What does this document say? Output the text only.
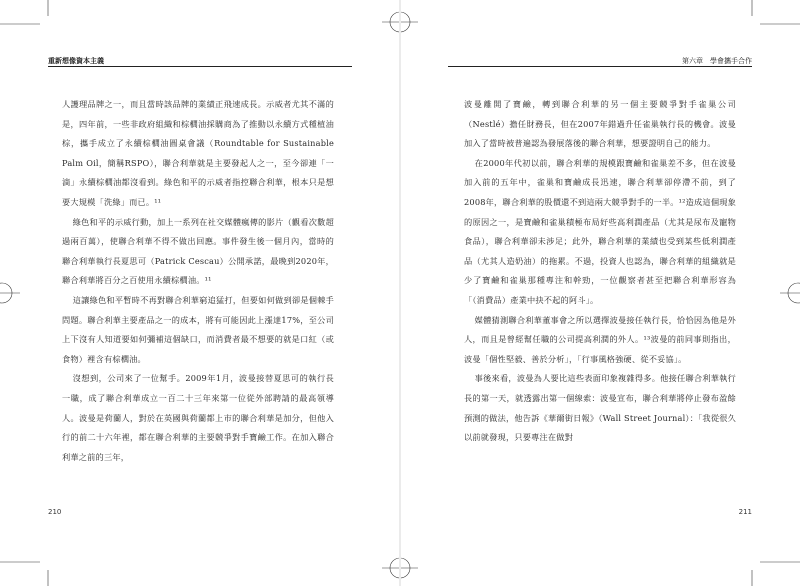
重新想像資本主義

人護理品牌之一，而且當時該品牌的業績正飛速成長。示威者尤其不滿的是，四年前，一些非政府組織和棕櫚油採購商為了推動以永續方式種植油棕，攜手成立了永續棕櫚油圓桌會議（Roundtable for Sustainable Palm Oil，簡稱RSPO），聯合利華就是主要發起人之一，至今卻連「一滴」永續棕櫚油都沒看到。綠色和平的示威者指控聯合利華，根本只是想要大規模「洗綠」而已。¹¹

綠色和平的示威行動，加上一系列在社交媒體瘋傳的影片（觀看次數超過兩百萬），使聯合利華不得不做出回應。事件發生後一個月內，當時的聯合利華執行長夏思可（Patrick Cescau）公開承諾，最晚到2020年，聯合利華將百分之百使用永續棕櫚油。¹¹

這讓綠色和平暫時不再對聯合利華窮追猛打，但要如何做到卻是個棘手問題。聯合利華主要產品之一的成本，將有可能因此上漲達17%，至公司上下沒有人知道要如何彌補這個缺口，而消費者最不想要的就是口紅（或食物）裡含有棕櫚油。

沒想到，公司來了一位幫手。2009年1月，波曼接替夏思可的執行長一職，成了聯合利華成立一百二十三年來第一位從外部聘請的最高領導人。波曼是荷蘭人，對於在英國與荷蘭都上市的聯合利華是加分，但他入行的前二十六年裡，都在聯合利華的主要競爭對手寶鹼工作。在加入聯合利華之前的三年，

210
第六章　學會攜手合作

波曼離開了寶鹼，轉到聯合利華的另一個主要競爭對手雀巢公司（Nestlé）擔任財務長，但在2007年錯過升任雀巢執行長的機會。波曼加入了當時被普遍認為發展落後的聯合利華，想要證明自己的能力。

在2000年代初以前，聯合利華的規模跟寶鹼和雀巢差不多，但在波曼加入前的五年中，雀巢和寶鹼成長迅速，聯合利華卻停滯不前，到了2008年，聯合利華的股價還不到這兩大競爭對手的一半。¹²造成這個現象的原因之一，是寶鹼和雀巢積極布局好些高利潤產品（尤其是尿布及寵物食品），聯合利華卻未涉足；此外，聯合利華的業績也受到某些低利潤產品（尤其人造奶油）的拖累。不過，投資人也認為，聯合利華的組織就是少了寶鹼和雀巢那種專注和幹勁，一位觀察者甚至把聯合利華形容為「（消費品）產業中抉不起的阿斗」。

媒體猜測聯合利華董事會之所以選擇波曼接任執行長，恰恰因為他是外人，而且是曾經幫任職的公司提高利潤的外人。¹³波曼的前同事則指出，波曼「個性堅毅、善於分析」，「行事風格強硬、從不妥協」。

事後來看，波曼為人要比這些表面印象複雜得多。他接任聯合利華執行長的第一天，就透露出第一個線索：波曼宣布，聯合利華將停止發布盈餘預測的做法，他告訴《華爾街日報》（Wall Street Journal）：「我從很久以前就發現，只要專注在做對

211
